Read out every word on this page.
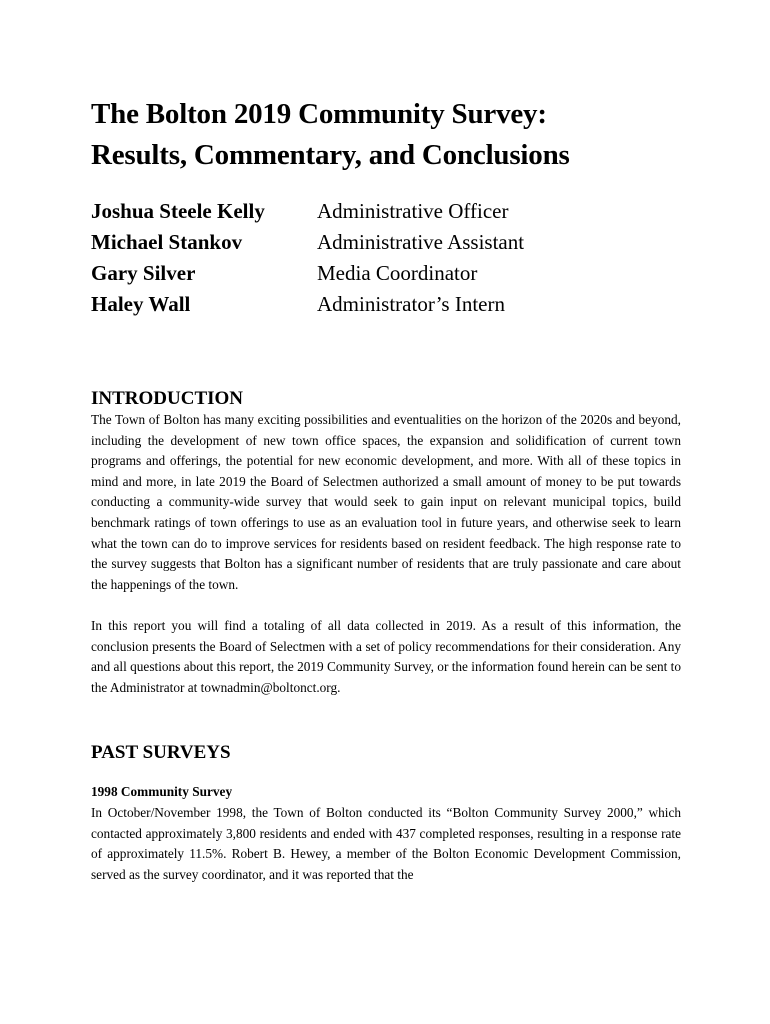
The Bolton 2019 Community Survey:
Results, Commentary, and Conclusions
Joshua Steele Kelly	Administrative Officer
Michael Stankov	Administrative Assistant
Gary Silver	Media Coordinator
Haley Wall	Administrator’s Intern
INTRODUCTION

The Town of Bolton has many exciting possibilities and eventualities on the horizon of the 2020s and beyond, including the development of new town office spaces, the expansion and solidification of current town programs and offerings, the potential for new economic development, and more. With all of these topics in mind and more, in late 2019 the Board of Selectmen authorized a small amount of money to be put towards conducting a community-wide survey that would seek to gain input on relevant municipal topics, build benchmark ratings of town offerings to use as an evaluation tool in future years, and otherwise seek to learn what the town can do to improve services for residents based on resident feedback. The high response rate to the survey suggests that Bolton has a significant number of residents that are truly passionate and care about the happenings of the town.

In this report you will find a totaling of all data collected in 2019. As a result of this information, the conclusion presents the Board of Selectmen with a set of policy recommendations for their consideration. Any and all questions about this report, the 2019 Community Survey, or the information found herein can be sent to the Administrator at townadmin@boltonct.org.

PAST SURVEYS
1998 Community Survey

In October/November 1998, the Town of Bolton conducted its “Bolton Community Survey 2000,” which contacted approximately 3,800 residents and ended with 437 completed responses, resulting in a response rate of approximately 11.5%. Robert B. Hewey, a member of the Bolton Economic Development Commission, served as the survey coordinator, and it was reported that the
